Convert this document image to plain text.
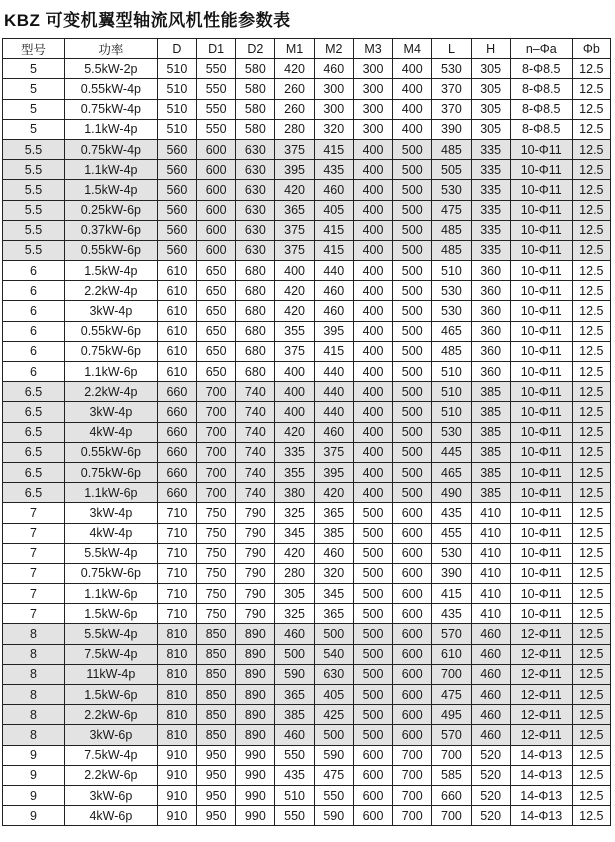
KBZ 可变机翼型轴流风机性能参数表
型号	功率	D	D1	D2	M1	M2	M3	M4	L	H	n–Φa	Φb
5	5.5kW-2p	510	550	580	420	460	300	400	530	305	8-Φ8.5	12.5
5	0.55kW-4p	510	550	580	260	300	300	400	370	305	8-Φ8.5	12.5
5	0.75kW-4p	510	550	580	260	300	300	400	370	305	8-Φ8.5	12.5
5	1.1kW-4p	510	550	580	280	320	300	400	390	305	8-Φ8.5	12.5
5.5	0.75kW-4p	560	600	630	375	415	400	500	485	335	10-Φ11	12.5
5.5	1.1kW-4p	560	600	630	395	435	400	500	505	335	10-Φ11	12.5
5.5	1.5kW-4p	560	600	630	420	460	400	500	530	335	10-Φ11	12.5
5.5	0.25kW-6p	560	600	630	365	405	400	500	475	335	10-Φ11	12.5
5.5	0.37kW-6p	560	600	630	375	415	400	500	485	335	10-Φ11	12.5
5.5	0.55kW-6p	560	600	630	375	415	400	500	485	335	10-Φ11	12.5
6	1.5kW-4p	610	650	680	400	440	400	500	510	360	10-Φ11	12.5
6	2.2kW-4p	610	650	680	420	460	400	500	530	360	10-Φ11	12.5
6	3kW-4p	610	650	680	420	460	400	500	530	360	10-Φ11	12.5
6	0.55kW-6p	610	650	680	355	395	400	500	465	360	10-Φ11	12.5
6	0.75kW-6p	610	650	680	375	415	400	500	485	360	10-Φ11	12.5
6	1.1kW-6p	610	650	680	400	440	400	500	510	360	10-Φ11	12.5
6.5	2.2kW-4p	660	700	740	400	440	400	500	510	385	10-Φ11	12.5
6.5	3kW-4p	660	700	740	400	440	400	500	510	385	10-Φ11	12.5
6.5	4kW-4p	660	700	740	420	460	400	500	530	385	10-Φ11	12.5
6.5	0.55kW-6p	660	700	740	335	375	400	500	445	385	10-Φ11	12.5
6.5	0.75kW-6p	660	700	740	355	395	400	500	465	385	10-Φ11	12.5
6.5	1.1kW-6p	660	700	740	380	420	400	500	490	385	10-Φ11	12.5
7	3kW-4p	710	750	790	325	365	500	600	435	410	10-Φ11	12.5
7	4kW-4p	710	750	790	345	385	500	600	455	410	10-Φ11	12.5
7	5.5kW-4p	710	750	790	420	460	500	600	530	410	10-Φ11	12.5
7	0.75kW-6p	710	750	790	280	320	500	600	390	410	10-Φ11	12.5
7	1.1kW-6p	710	750	790	305	345	500	600	415	410	10-Φ11	12.5
7	1.5kW-6p	710	750	790	325	365	500	600	435	410	10-Φ11	12.5
8	5.5kW-4p	810	850	890	460	500	500	600	570	460	12-Φ11	12.5
8	7.5kW-4p	810	850	890	500	540	500	600	610	460	12-Φ11	12.5
8	11kW-4p	810	850	890	590	630	500	600	700	460	12-Φ11	12.5
8	1.5kW-6p	810	850	890	365	405	500	600	475	460	12-Φ11	12.5
8	2.2kW-6p	810	850	890	385	425	500	600	495	460	12-Φ11	12.5
8	3kW-6p	810	850	890	460	500	500	600	570	460	12-Φ11	12.5
9	7.5kW-4p	910	950	990	550	590	600	700	700	520	14-Φ13	12.5
9	2.2kW-6p	910	950	990	435	475	600	700	585	520	14-Φ13	12.5
9	3kW-6p	910	950	990	510	550	600	700	660	520	14-Φ13	12.5
9	4kW-6p	910	950	990	550	590	600	700	700	520	14-Φ13	12.5
